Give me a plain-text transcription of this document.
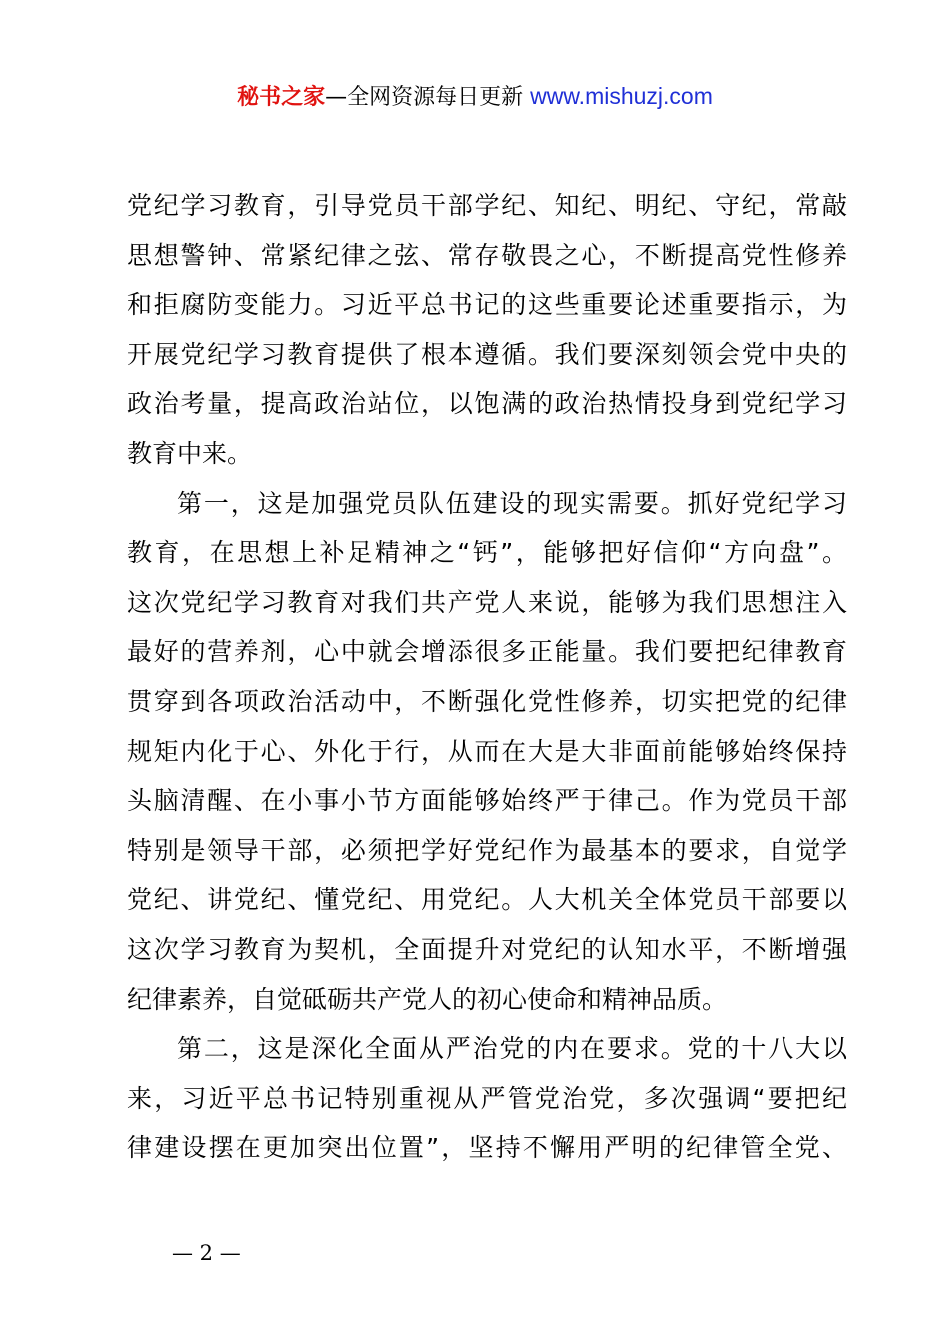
秘书之家—全网资源每日更新 www.mishuzj.com
党纪学习教育，引导党员干部学纪、知纪、明纪、守纪，常敲
思想警钟、常紧纪律之弦、常存敬畏之心，不断提高党性修养
和拒腐防变能力。习近平总书记的这些重要论述重要指示，为
开展党纪学习教育提供了根本遵循。我们要深刻领会党中央的
政治考量，提高政治站位，以饱满的政治热情投身到党纪学习
教育中来。
第一，这是加强党员队伍建设的现实需要。抓好党纪学习
教育，在思想上补足精神之“钙”，能够把好信仰“方向盘”。
这次党纪学习教育对我们共产党人来说，能够为我们思想注入
最好的营养剂，心中就会增添很多正能量。我们要把纪律教育
贯穿到各项政治活动中，不断强化党性修养，切实把党的纪律
规矩内化于心、外化于行，从而在大是大非面前能够始终保持
头脑清醒、在小事小节方面能够始终严于律己。作为党员干部
特别是领导干部，必须把学好党纪作为最基本的要求，自觉学
党纪、讲党纪、懂党纪、用党纪。人大机关全体党员干部要以
这次学习教育为契机，全面提升对党纪的认知水平，不断增强
纪律素养，自觉砥砺共产党人的初心使命和精神品质。
第二，这是深化全面从严治党的内在要求。党的十八大以
来，习近平总书记特别重视从严管党治党，多次强调“要把纪
律建设摆在更加突出位置”，坚持不懈用严明的纪律管全党、
— 2 —
